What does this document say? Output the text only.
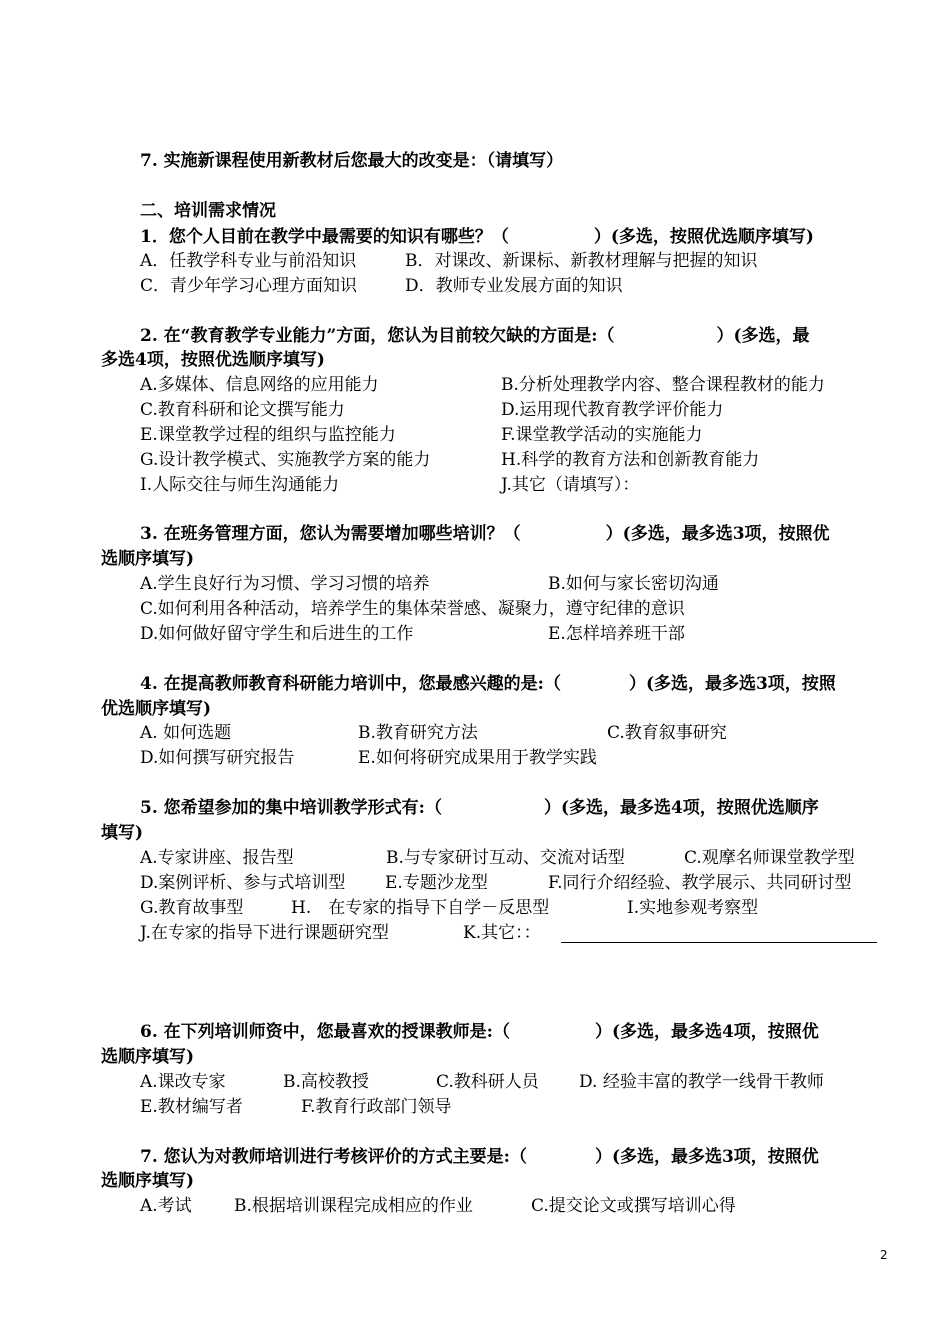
7. 实施新课程使用新教材后您最大的改变是：（请填写）
二、培训需求情况
1．您个人目前在教学中最需要的知识有哪些？（　　　　　）(多选，按照优选顺序填写)
A．任教学科专业与前沿知识	B．对课改、新课标、新教材理解与把握的知识
C．青少年学习心理方面知识	D．教师专业发展方面的知识
2. 在“教育教学专业能力”方面，您认为目前较欠缺的方面是:（　　　　　　）(多选，最
多选4项，按照优选顺序填写)
A.多媒体、信息网络的应用能力	B.分析处理教学内容、整合课程教材的能力
C.教育科研和论文撰写能力	D.运用现代教育教学评价能力
E.课堂教学过程的组织与监控能力	F.课堂教学活动的实施能力
G.设计教学模式、实施教学方案的能力	H.科学的教育方法和创新教育能力
I.人际交往与师生沟通能力	J.其它（请填写）：
3. 在班务管理方面，您认为需要增加哪些培训？（　　　　　）(多选，最多选3项，按照优
选顺序填写)
A.学生良好行为习惯、学习习惯的培养	B.如何与家长密切沟通
C.如何利用各种活动，培养学生的集体荣誉感、凝聚力，遵守纪律的意识
D.如何做好留守学生和后进生的工作	E.怎样培养班干部
4. 在提高教师教育科研能力培训中，您最感兴趣的是:（　　　　）(多选，最多选3项，按照
优选顺序填写)
A. 如何选题	B.教育研究方法	C.教育叙事研究
D.如何撰写研究报告	E.如何将研究成果用于教学实践
5. 您希望参加的集中培训教学形式有:（　　　　　　）(多选，最多选4项，按照优选顺序
填写)
A.专家讲座、报告型	B.与专家研讨互动、交流对话型	C.观摩名师课堂教学型
D.案例评析、参与式培训型 E.专题沙龙型	F.同行介绍经验、教学展示、共同研讨型
G.教育故事型	H.　在专家的指导下自学－反思型	I.实地参观考察型
J.在专家的指导下进行课题研究型	K.其它：：
6. 在下列培训师资中，您最喜欢的授课教师是:（　　　　　）(多选，最多选4项，按照优
选顺序填写)
A.课改专家	B.高校教授	C.教科研人员 D. 经验丰富的教学一线骨干教师
E.教材编写者	F.教育行政部门领导
7. 您认为对教师培训进行考核评价的方式主要是:（　　　　）(多选，最多选3项，按照优
选顺序填写)
A.考试 B.根据培训课程完成相应的作业	C.提交论文或撰写培训心得
2
